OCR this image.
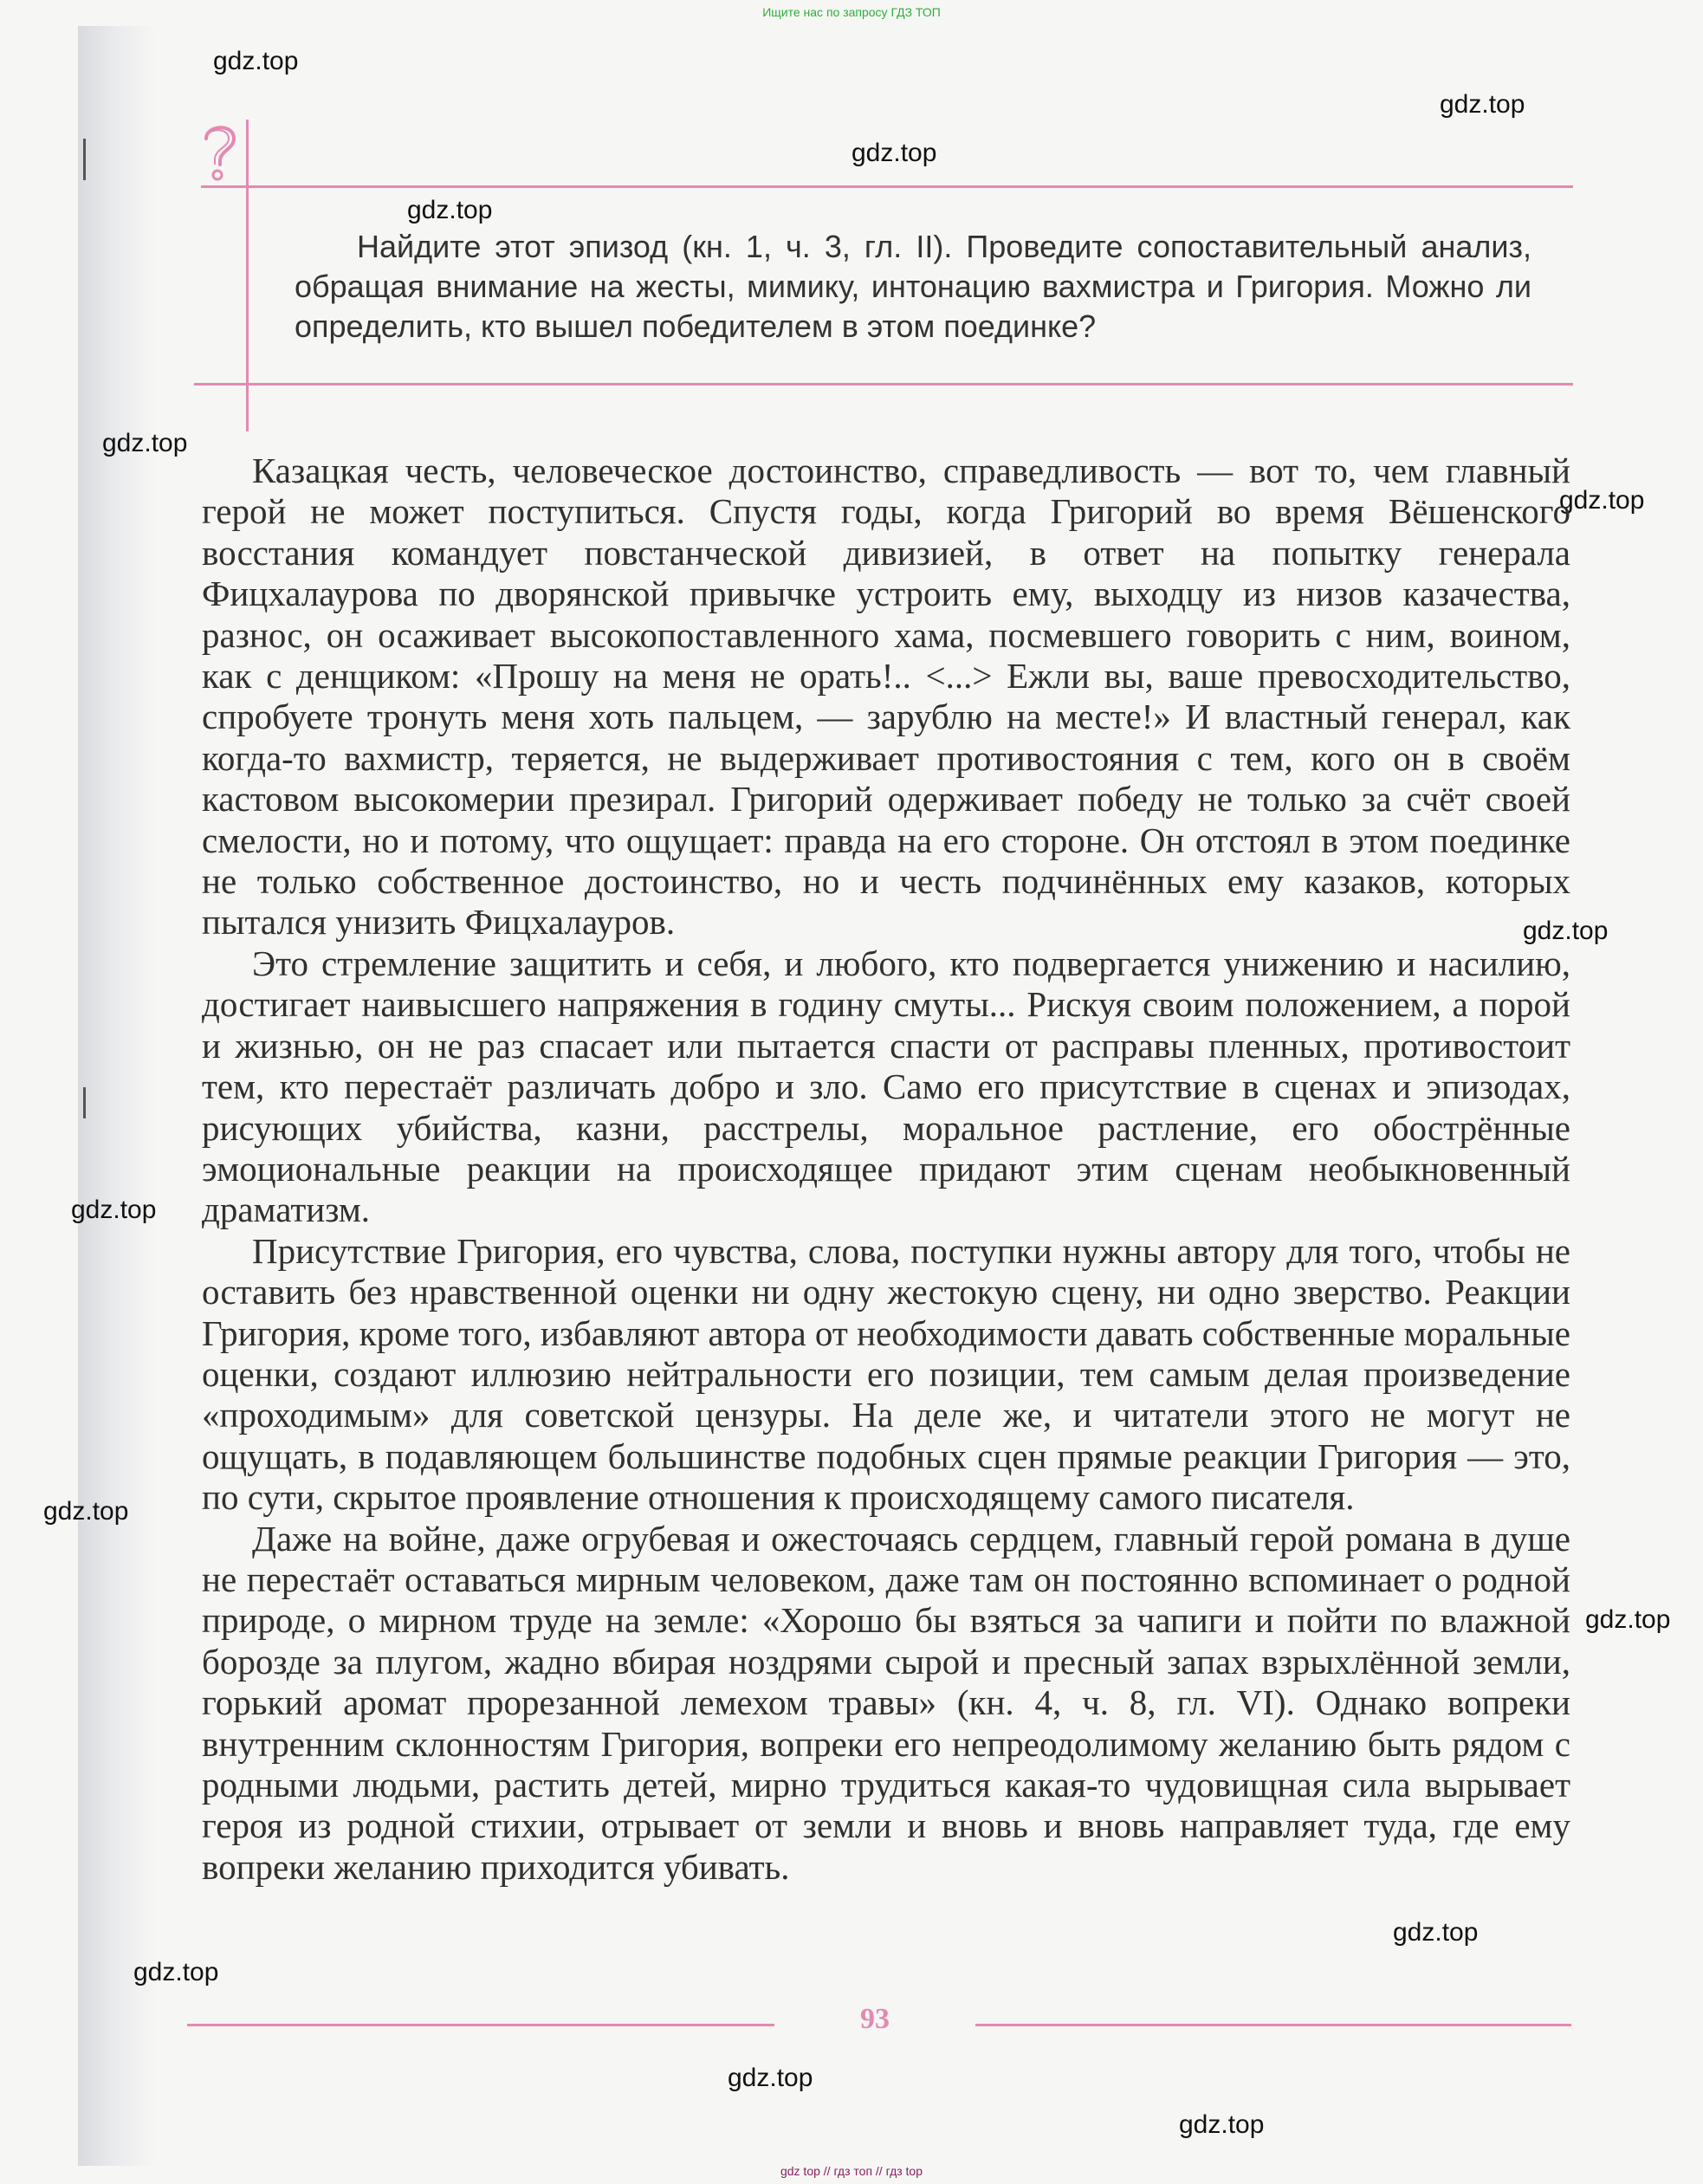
Ищите нас по запросу ГДЗ ТОП
gdz.top
gdz.top
gdz.top
gdz.top
gdz.top
gdz.top
gdz.top
gdz.top
gdz.top
gdz.top
gdz.top
gdz.top
gdz.top
gdz.top

Найдите этот эпизод (кн. 1, ч. 3, гл. II). Проведите сопоставительный анализ, обращая внимание на жесты, мимику, интонацию вахмистра и Григория. Можно ли определить, кто вышел победителем в этом поединке?

Казацкая честь, человеческое достоинство, справедливость — вот то, чем главный герой не может поступиться. Спустя годы, когда Григорий во время Вёшенского восстания командует повстанческой дивизией, в ответ на попытку генерала Фицхалаурова по дворянской привычке устроить ему, выходцу из низов казачества, разнос, он осаживает высокопоставленного хама, посмевшего говорить с ним, воином, как с денщиком: «Прошу на меня не орать!.. <...> Ежли вы, ваше превосходительство, спробуете тронуть меня хоть пальцем, — зарублю на месте!» И властный генерал, как когда-то вахмистр, теряется, не выдерживает противостояния с тем, кого он в своём кастовом высокомерии презирал. Григорий одерживает победу не только за счёт своей смелости, но и потому, что ощущает: правда на его стороне. Он отстоял в этом поединке не только собственное достоинство, но и честь подчинённых ему казаков, которых пытался унизить Фицхалауров.

Это стремление защитить и себя, и любого, кто подвергается унижению и насилию, достигает наивысшего напряжения в годину смуты... Рискуя своим положением, а порой и жизнью, он не раз спасает или пытается спасти от расправы пленных, противостоит тем, кто перестаёт различать добро и зло. Само его присутствие в сценах и эпизодах, рисующих убийства, казни, расстрелы, моральное растление, его обострённые эмоциональные реакции на происходящее придают этим сценам необыкновенный драматизм.

Присутствие Григория, его чувства, слова, поступки нужны автору для того, чтобы не оставить без нравственной оценки ни одну жестокую сцену, ни одно зверство. Реакции Григория, кроме того, избавляют автора от необходимости давать собственные моральные оценки, создают иллюзию нейтральности его позиции, тем самым делая произведение «проходимым» для советской цензуры. На деле же, и читатели этого не могут не ощущать, в подавляющем большинстве подобных сцен прямые реакции Григория — это, по сути, скрытое проявление отношения к происходящему самого писателя.

Даже на войне, даже огрубевая и ожесточаясь сердцем, главный герой романа в душе не перестаёт оставаться мирным человеком, даже там он постоянно вспоминает о родной природе, о мирном труде на земле: «Хорошо бы взяться за чапиги и пойти по влажной борозде за плугом, жадно вбирая ноздрями сырой и пресный запах взрыхлённой земли, горький аромат прорезанной лемехом травы» (кн. 4, ч. 8, гл. VI). Однако вопреки внутренним склонностям Григория, вопреки его непреодолимому желанию быть рядом с родными людьми, растить детей, мирно трудиться какая-то чудовищная сила вырывает героя из родной стихии, отрывает от земли и вновь и вновь направляет туда, где ему вопреки желанию приходится убивать.

93
gdz top // гдз топ // гдз top
